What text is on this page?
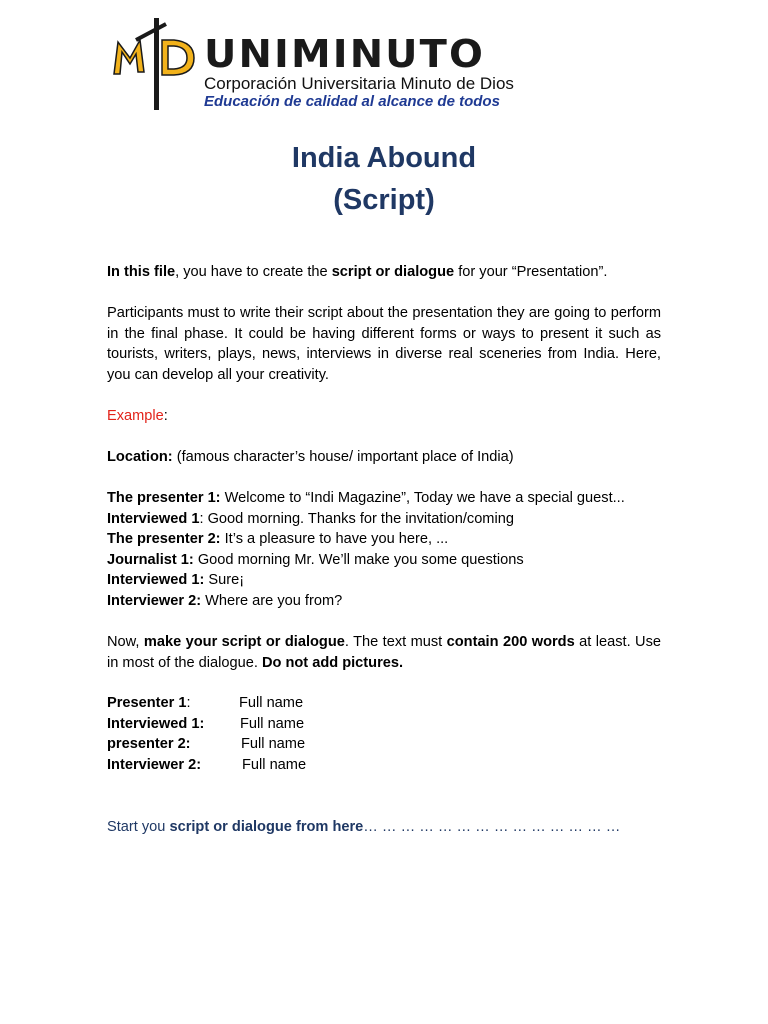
MD
UNIMINUTO
Corporación Universitaria Minuto de Dios
Educación de calidad al alcance de todos
India Abound
(Script)
In this file, you have to create the script or dialogue for your “Presentation”.
Participants must to write their script about the presentation they are going to perform in the final phase. It could be having different forms or ways to present it such as tourists, writers, plays, news, interviews in diverse real sceneries from India. Here, you can develop all your creativity.
Example:
Location: (famous character’s house/ important place of India)
The presenter 1: Welcome to “Indi Magazine”, Today we have a special guest...
Interviewed 1: Good morning. Thanks for the invitation/coming
The presenter 2: It’s a pleasure to have you here, ...
Journalist 1: Good morning Mr. We’ll make you some questions
Interviewed 1: Sure¡
Interviewer 2: Where are you from?
Now, make your script or dialogue. The text must contain 200 words at least. Use in most of the dialogue. Do not add pictures.
Presenter 1:	Full name
Interviewed 1: Full name
presenter 2:	Full name
Interviewer 2:	Full name
Start you script or dialogue from here… … … … … … … … … … … … … …
